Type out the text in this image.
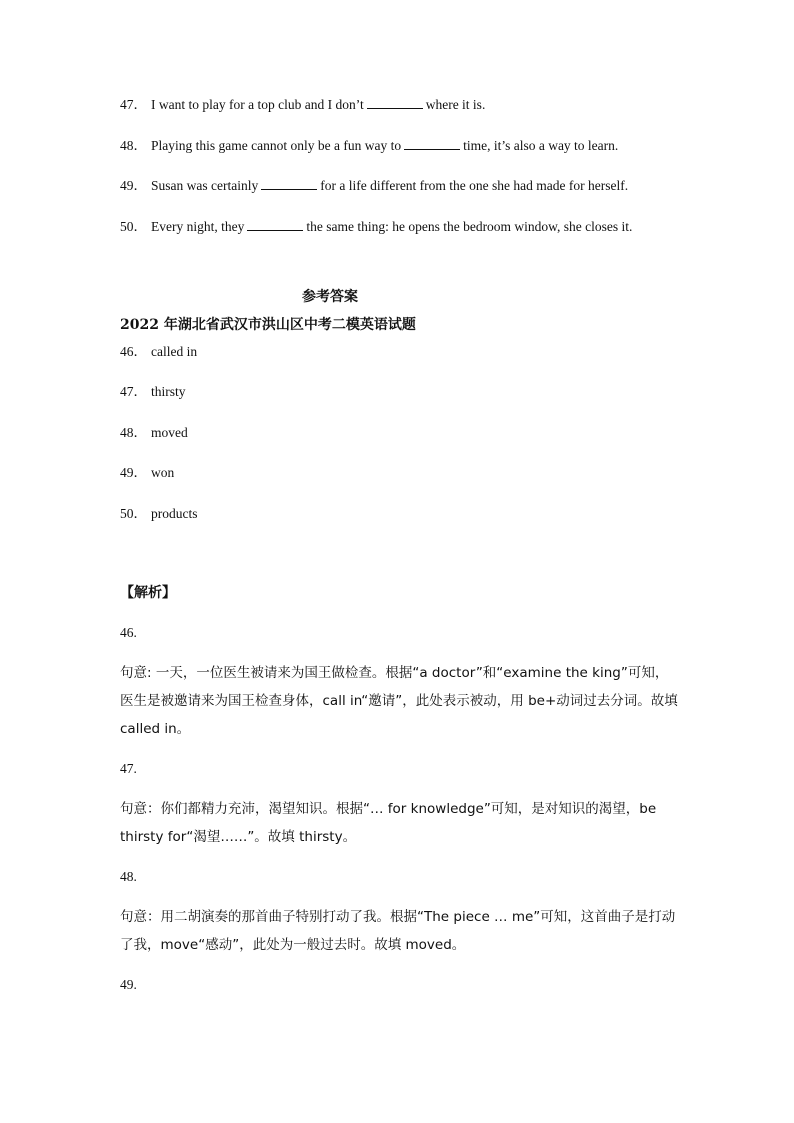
47． I want to play for a top club and I don’t	where it is.
48． Playing this game cannot only be a fun way to	time, it’s also a way to learn.
49． Susan was certainly	for a life different from the one she had made for herself.
50． Every night, they	the same thing: he opens the bedroom window, she closes it.
参考答案
2022 年湖北省武汉市洪山区中考二模英语试题
46． called in
47． thirsty
48． moved
49． won
50． products
【解析】
46.
句意: 一天，一位医生被请来为国王做检查。根据“a doctor”和“examine the king”可知，医生是被邀请来为国王检查身体，call in“邀请”，此处表示被动，用 be+动词过去分词。故填 called in。
47.
句意：你们都精力充沛，渴望知识。根据“… for knowledge”可知，是对知识的渴望，be thirsty for“渴望……”。故填 thirsty。
48.
句意：用二胡演奏的那首曲子特别打动了我。根据“The piece … me”可知，这首曲子是打动了我，move“感动”，此处为一般过去时。故填 moved。
49.
